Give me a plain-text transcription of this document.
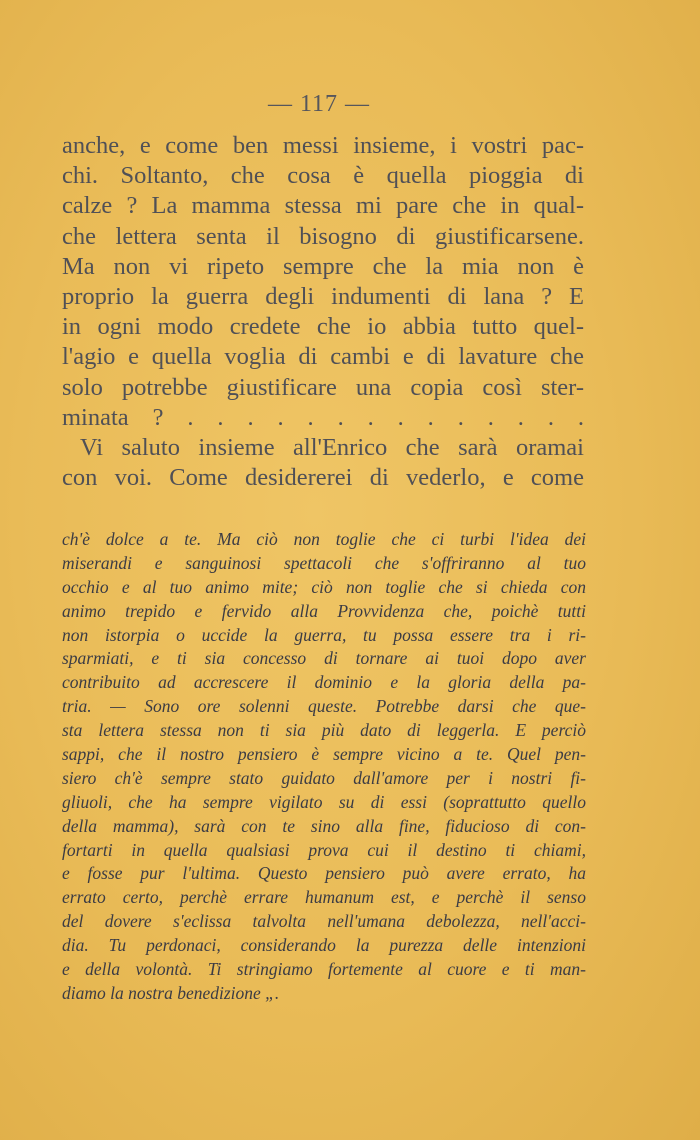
— 117 —
anche, e come ben messi insieme, i vostri pac-
chi. Soltanto, che cosa è quella pioggia di
calze ? La mamma stessa mi pare che in qual-
che lettera senta il bisogno di giustificarsene.
Ma non vi ripeto sempre che la mia non è
proprio la guerra degli indumenti di lana ? E
in ogni modo credete che io abbia tutto quel-
l'agio e quella voglia di cambi e di lavature che
solo potrebbe giustificare una copia così ster-
minata ? . . . . . . . . . . . . . .
Vi saluto insieme all'Enrico che sarà oramai
con voi. Come desidererei di vederlo, e come
ch'è dolce a te. Ma ciò non toglie che ci turbi l'idea dei
miserandi e sanguinosi spettacoli che s'offriranno al tuo
occhio e al tuo animo mite; ciò non toglie che si chieda con
animo trepido e fervido alla Provvidenza che, poichè tutti
non istorpia o uccide la guerra, tu possa essere tra i ri-
sparmiati, e ti sia concesso di tornare ai tuoi dopo aver
contribuito ad accrescere il dominio e la gloria della pa-
tria. — Sono ore solenni queste. Potrebbe darsi che que-
sta lettera stessa non ti sia più dato di leggerla. E perciò
sappi, che il nostro pensiero è sempre vicino a te. Quel pen-
siero ch'è sempre stato guidato dall'amore per i nostri fi-
gliuoli, che ha sempre vigilato su di essi (soprattutto quello
della mamma), sarà con te sino alla fine, fiducioso di con-
fortarti in quella qualsiasi prova cui il destino ti chiami,
e fosse pur l'ultima. Questo pensiero può avere errato, ha
errato certo, perchè errare humanum est, e perchè il senso
del dovere s'eclissa talvolta nell'umana debolezza, nell'acci-
dia. Tu perdonaci, considerando la purezza delle intenzioni
e della volontà. Ti stringiamo fortemente al cuore e ti man-
diamo la nostra benedizione „.
